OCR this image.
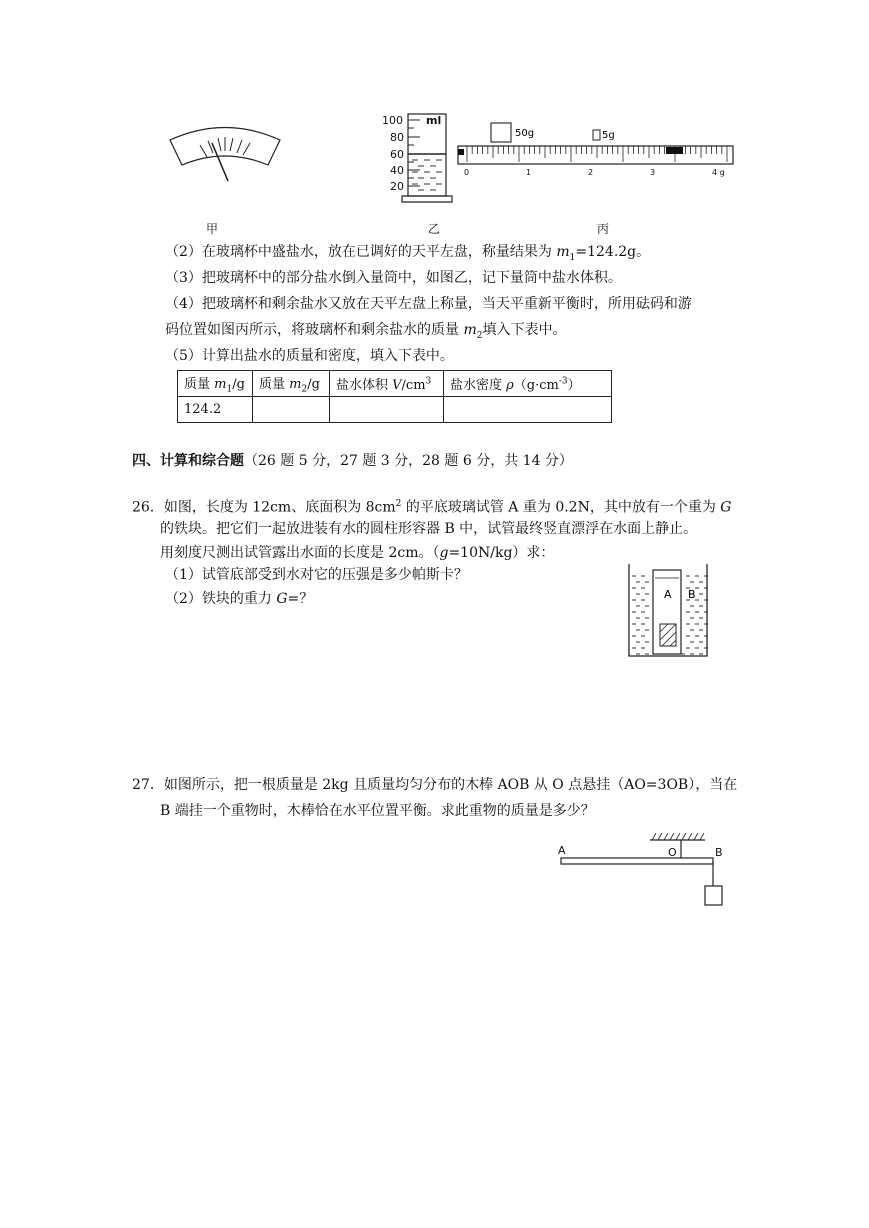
100
80
60
40
20
ml
50g	5g
0	1	2	3	4 g
甲	乙	丙
（2）在玻璃杯中盛盐水，放在已调好的天平左盘，称量结果为 $m_1=124.2g$。
（3）把玻璃杯中的部分盐水倒入量筒中，如图乙，记下量筒中盐水体积。
（4）把玻璃杯和剩余盐水又放在天平左盘上称量，当天平重新平衡时，所用砝码和游
码位置如图丙所示，将玻璃杯和剩余盐水的质量 $m_2$填入下表中。
（5）计算出盐水的质量和密度，填入下表中。
质量 $m_1/g$	质量 $m_2/g$	盐水体积 $V/cm^3$	盐水密度 $\rho(g\cdot cm^{-3})$
124.2			
四、计算和综合题（26 题 5 分，27 题 3 分，28 题 6 分，共 14 分）
26．如图，长度为 12cm、底面积为 $8cm^2$ 的平底玻璃试管 A 重为 0.2N，其中放有一个重为 G
的铁块。把它们一起放进装有水的圆柱形容器 B 中，试管最终竖直漂浮在水面上静止。
用刻度尺测出试管露出水面的长度是 2cm。（g=10N/kg）求：
（1）试管底部受到水对它的压强是多少帕斯卡？
（2）铁块的重力 G=？	A B
27．如图所示，把一根质量是 2kg 且质量均匀分布的木棒 AOB 从 O 点悬挂（AO=3OB），当在
B 端挂一个重物时，木棒恰在水平位置平衡。求此重物的质量是多少？
A	O	B
